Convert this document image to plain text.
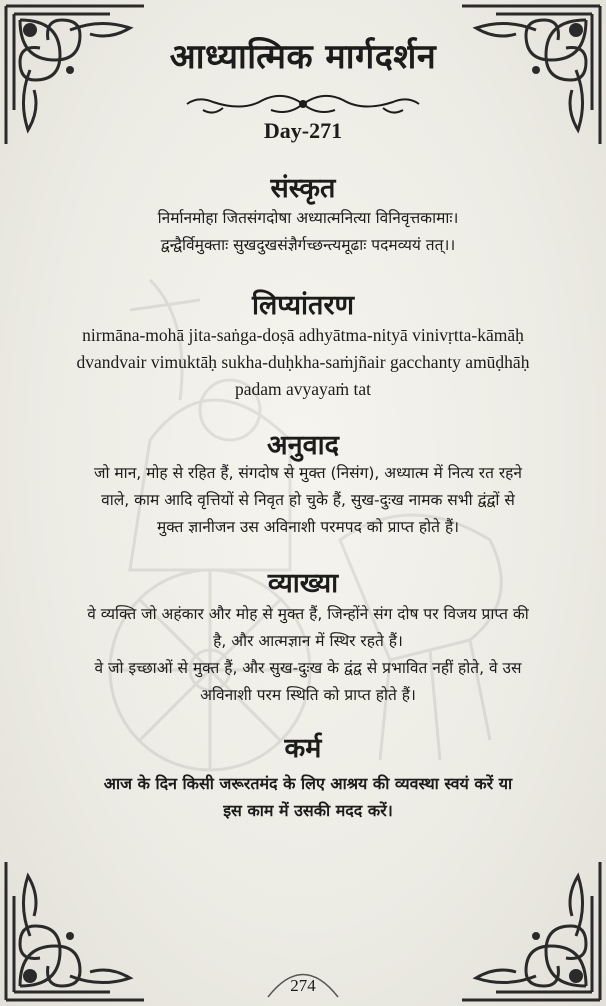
आध्यात्मिक मार्गदर्शन
Day-271
संस्कृत
निर्मानमोहा जितसंगदोषा अध्यात्मनित्या विनिवृत्तकामाः।
द्वन्द्वैर्विमुक्ताः सुखदुखसंज्ञैर्गच्छन्त्यमूढाः पदमव्ययं तत्।।
लिप्यांतरण
nirmāna-mohā jita-saṅga-doṣā adhyātma-nityā vinivṛtta-kāmāḥ
dvandvair vimuktāḥ sukha-duḥkha-saṁjñair gacchanty amūḍhāḥ
padam avyayaṁ tat
अनुवाद
जो मान, मोह से रहित हैं, संगदोष से मुक्त (निसंग), अध्यात्म में नित्य रत रहने
वाले, काम आदि वृत्तियों से निवृत हो चुके हैं, सुख-दुःख नामक सभी द्वंद्वों से
मुक्त ज्ञानीजन उस अविनाशी परमपद को प्राप्त होते हैं।
व्याख्या
वे व्यक्ति जो अहंकार और मोह से मुक्त हैं, जिन्होंने संग दोष पर विजय प्राप्त की
है, और आत्मज्ञान में स्थिर रहते हैं।
वे जो इच्छाओं से मुक्त हैं, और सुख-दुःख के द्वंद्व से प्रभावित नहीं होते, वे उस
अविनाशी परम स्थिति को प्राप्त होते हैं।
कर्म
आज के दिन किसी जरूरतमंद के लिए आश्रय की व्यवस्था स्वयं करें या
इस काम में उसकी मदद करें।
274
